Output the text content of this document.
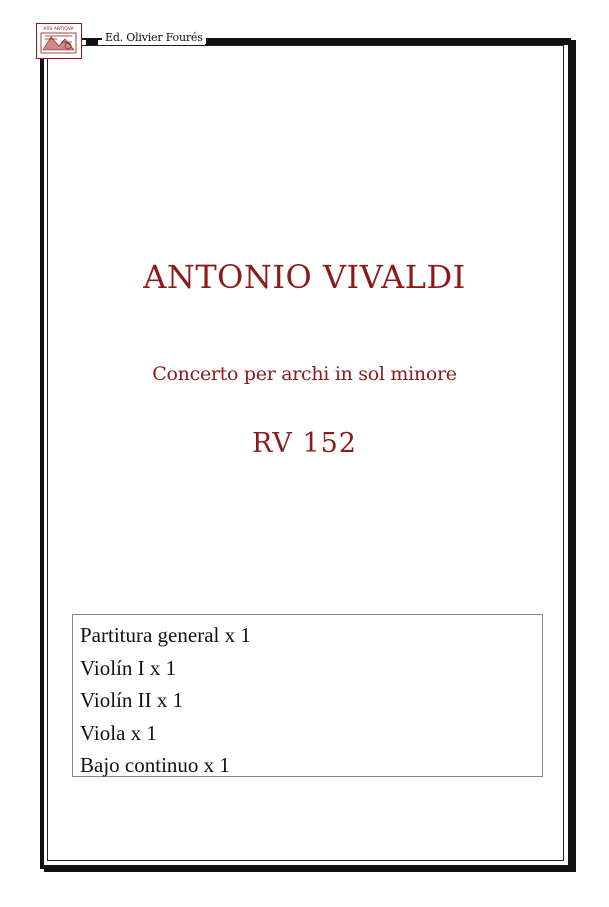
Ed. Olivier Fourés
ARS ANTIQVA
ANTONIO VIVALDI
Concerto per archi in sol minore
RV 152
Partitura general x 1
Violín I x 1
Violín II x 1
Viola x 1
Bajo continuo x 1
